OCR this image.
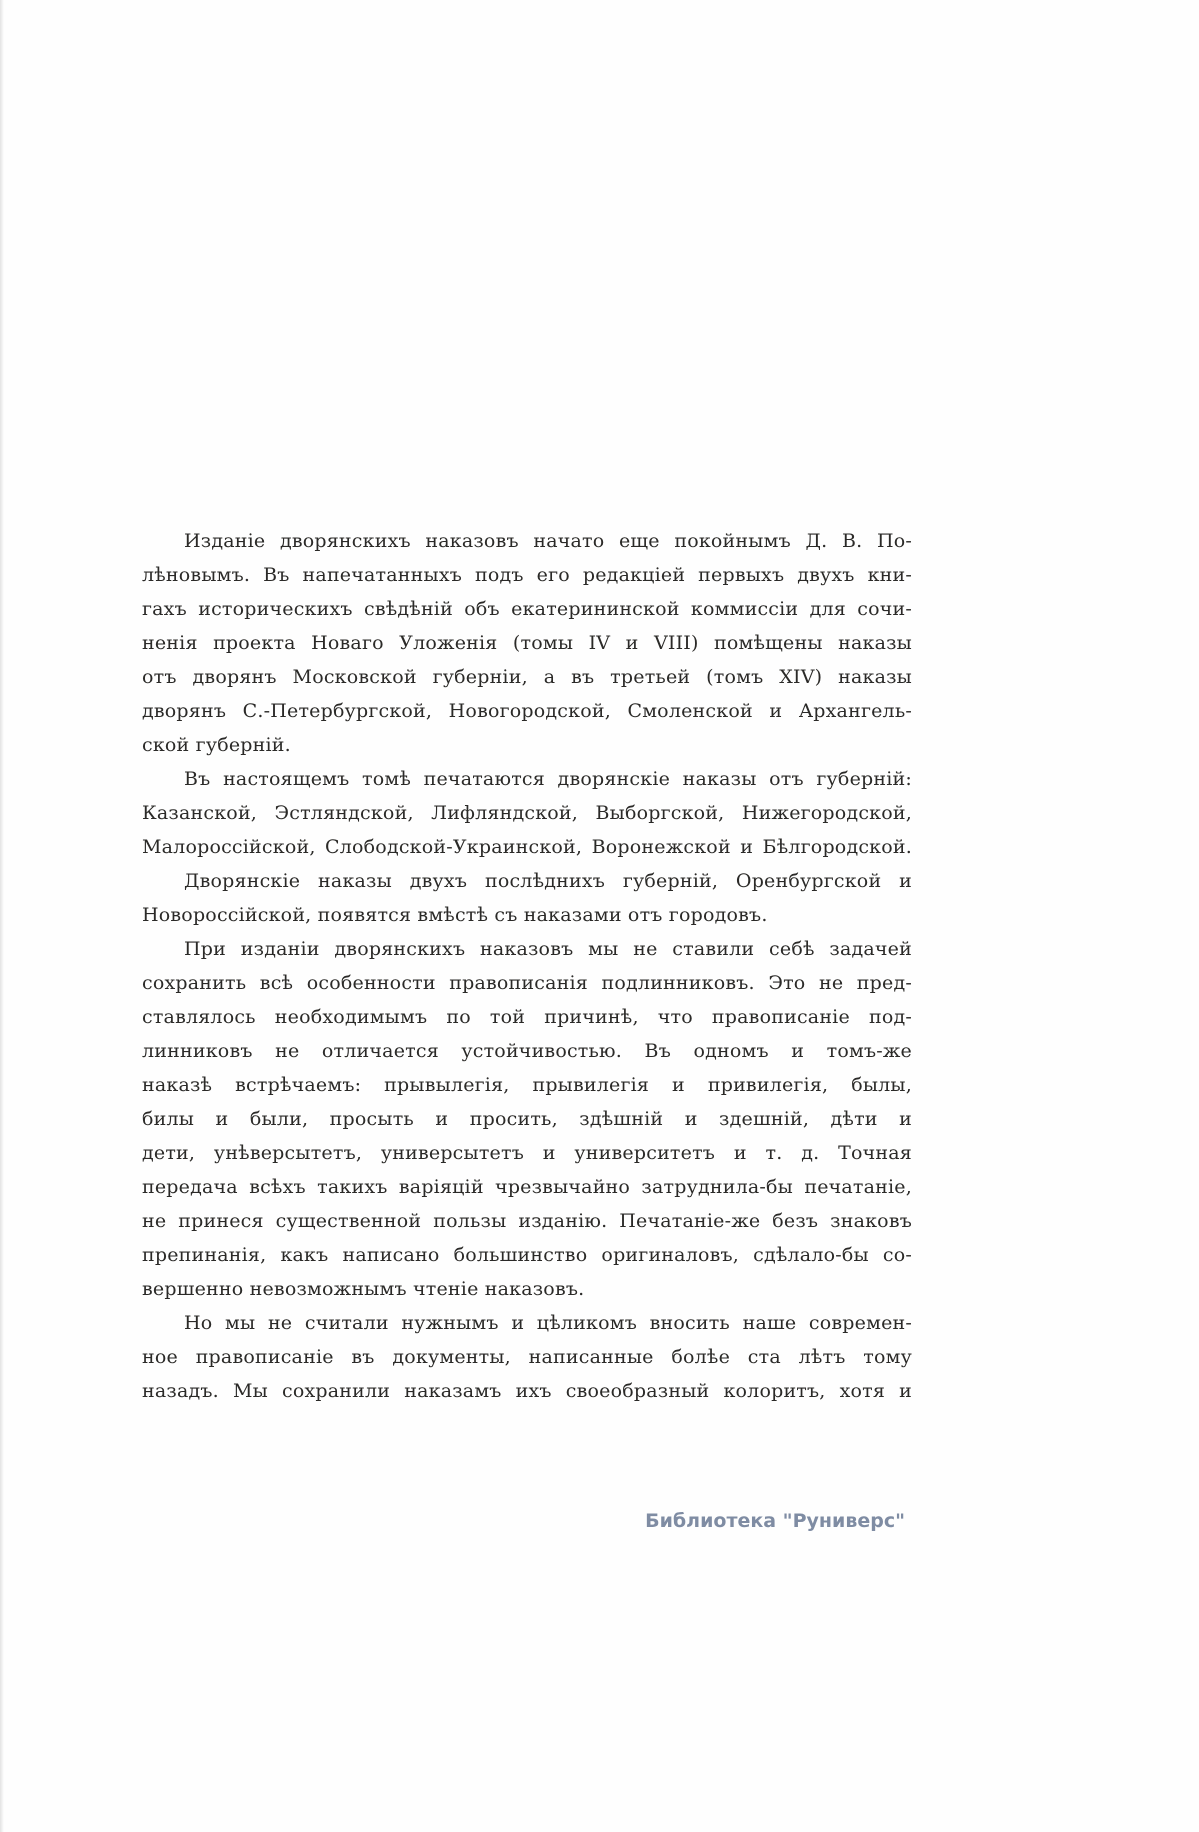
Изданіе дворянскихъ наказовъ начато еще покойнымъ Д. В. По-
лѣновымъ. Въ напечатанныхъ подъ его редакціей первыхъ двухъ кни-
гахъ историческихъ свѣдѣній объ екатерининской коммиссіи для сочи-
ненія проекта Новаго Уложенія (томы IV и VIII) помѣщены наказы
отъ дворянъ Московской губерніи, а въ третьей (томъ XIV) наказы
дворянъ С.-Петербургской, Новогородской, Смоленской и Архангель-
ской губерній.
Въ настоящемъ томѣ печатаются дворянскіе наказы отъ губерній:
Казанской, Эстляндской, Лифляндской, Выборгской, Нижегородской,
Малороссійской, Слободской-Украинской, Воронежской и Бѣлгородской.
Дворянскіе наказы двухъ послѣднихъ губерній, Оренбургской и
Новороссійской, появятся вмѣстѣ съ наказами отъ городовъ.
При изданіи дворянскихъ наказовъ мы не ставили себѣ задачей
сохранить всѣ особенности правописанія подлинниковъ. Это не пред-
ставлялось необходимымъ по той причинѣ, что правописаніе под-
линниковъ не отличается устойчивостью. Въ одномъ и томъ-же
наказѣ встрѣчаемъ: прывылегія, прывилегія и привилегія, былы,
билы и были, просыть и просить, здѣшній и здешній, дѣти и
дети, унѣверсытетъ, универсытетъ и университетъ и т. д. Точная
передача всѣхъ такихъ варіяцій чрезвычайно затруднила-бы печатаніе,
не принеся существенной пользы изданію. Печатаніе-же безъ знаковъ
препинанія, какъ написано большинство оригиналовъ, сдѣлало-бы со-
вершенно невозможнымъ чтеніе наказовъ.
Но мы не считали нужнымъ и цѣликомъ вносить наше современ-
ное правописаніе въ документы, написанные болѣе ста лѣтъ тому
назадъ. Мы сохранили наказамъ ихъ своеобразный колоритъ, хотя и
Библиотека "Руниверс"
